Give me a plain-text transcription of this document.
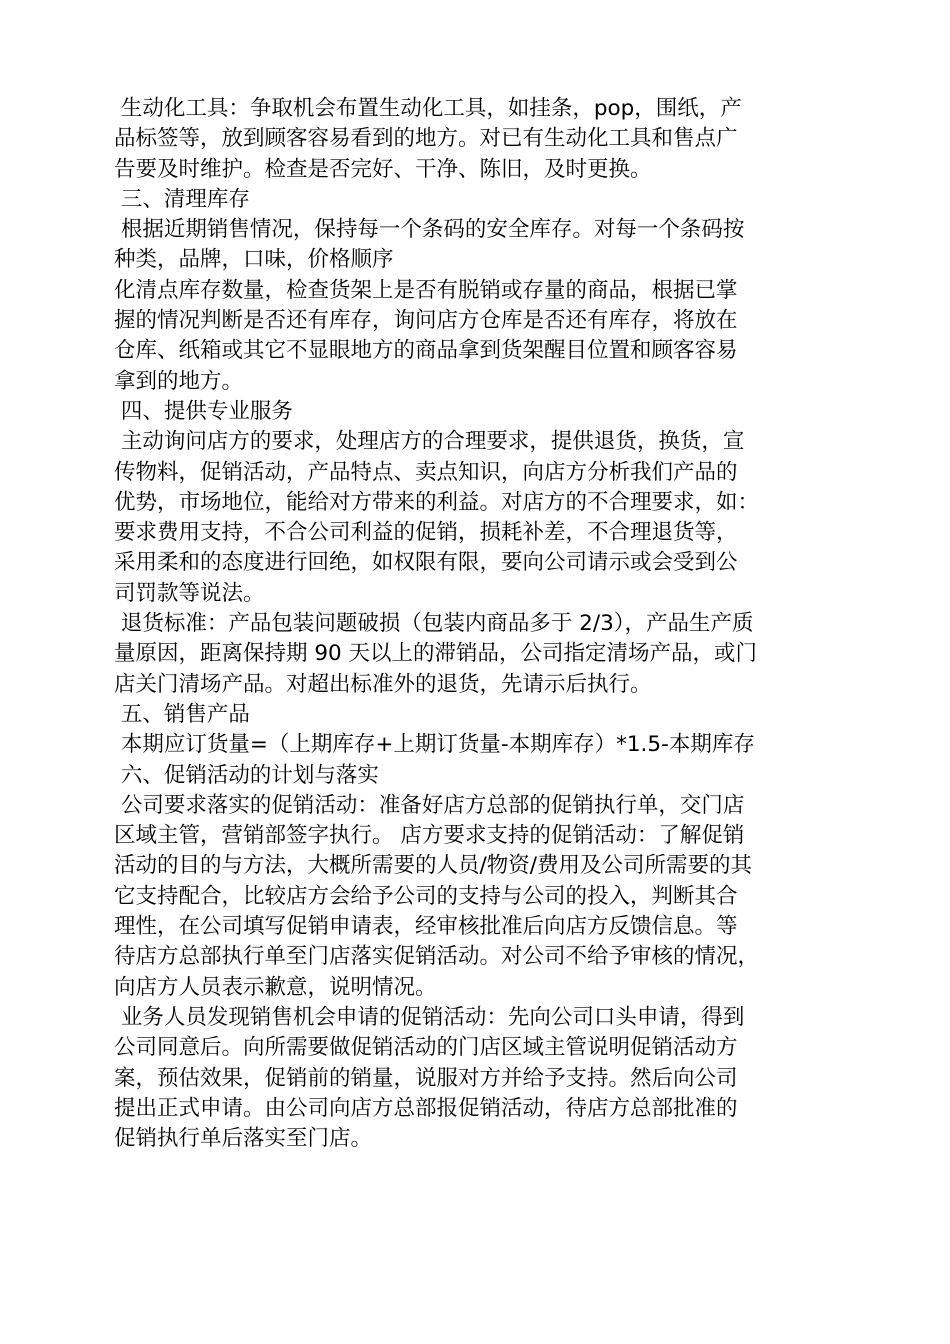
生动化工具：争取机会布置生动化工具，如挂条，pop，围纸，产
品标签等，放到顾客容易看到的地方。对已有生动化工具和售点广
告要及时维护。检查是否完好、干净、陈旧，及时更换。
三、清理库存
根据近期销售情况，保持每一个条码的安全库存。对每一个条码按
种类，品牌，口味，价格顺序
化清点库存数量，检查货架上是否有脱销或存量的商品，根据已掌
握的情况判断是否还有库存，询问店方仓库是否还有库存，将放在
仓库、纸箱或其它不显眼地方的商品拿到货架醒目位置和顾客容易
拿到的地方。
四、提供专业服务
主动询问店方的要求，处理店方的合理要求，提供退货，换货，宣
传物料，促销活动，产品特点、卖点知识，向店方分析我们产品的
优势，市场地位，能给对方带来的利益。对店方的不合理要求，如：
要求费用支持，不合公司利益的促销，损耗补差，不合理退货等，
采用柔和的态度进行回绝，如权限有限，要向公司请示或会受到公
司罚款等说法。
退货标准：产品包装问题破损（包装内商品多于 2/3），产品生产质
量原因，距离保持期 90 天以上的滞销品，公司指定清场产品，或门
店关门清场产品。对超出标准外的退货，先请示后执行。
五、销售产品
本期应订货量=（上期库存+上期订货量-本期库存）*1.5-本期库存
六、促销活动的计划与落实
公司要求落实的促销活动：准备好店方总部的促销执行单，交门店
区域主管，营销部签字执行。 店方要求支持的促销活动：了解促销
活动的目的与方法，大概所需要的人员/物资/费用及公司所需要的其
它支持配合，比较店方会给予公司的支持与公司的投入，判断其合
理性，在公司填写促销申请表，经审核批准后向店方反馈信息。等
待店方总部执行单至门店落实促销活动。对公司不给予审核的情况，
向店方人员表示歉意，说明情况。
业务人员发现销售机会申请的促销活动：先向公司口头申请，得到
公司同意后。向所需要做促销活动的门店区域主管说明促销活动方
案，预估效果，促销前的销量，说服对方并给予支持。然后向公司
提出正式申请。由公司向店方总部报促销活动，待店方总部批准的
促销执行单后落实至门店。
